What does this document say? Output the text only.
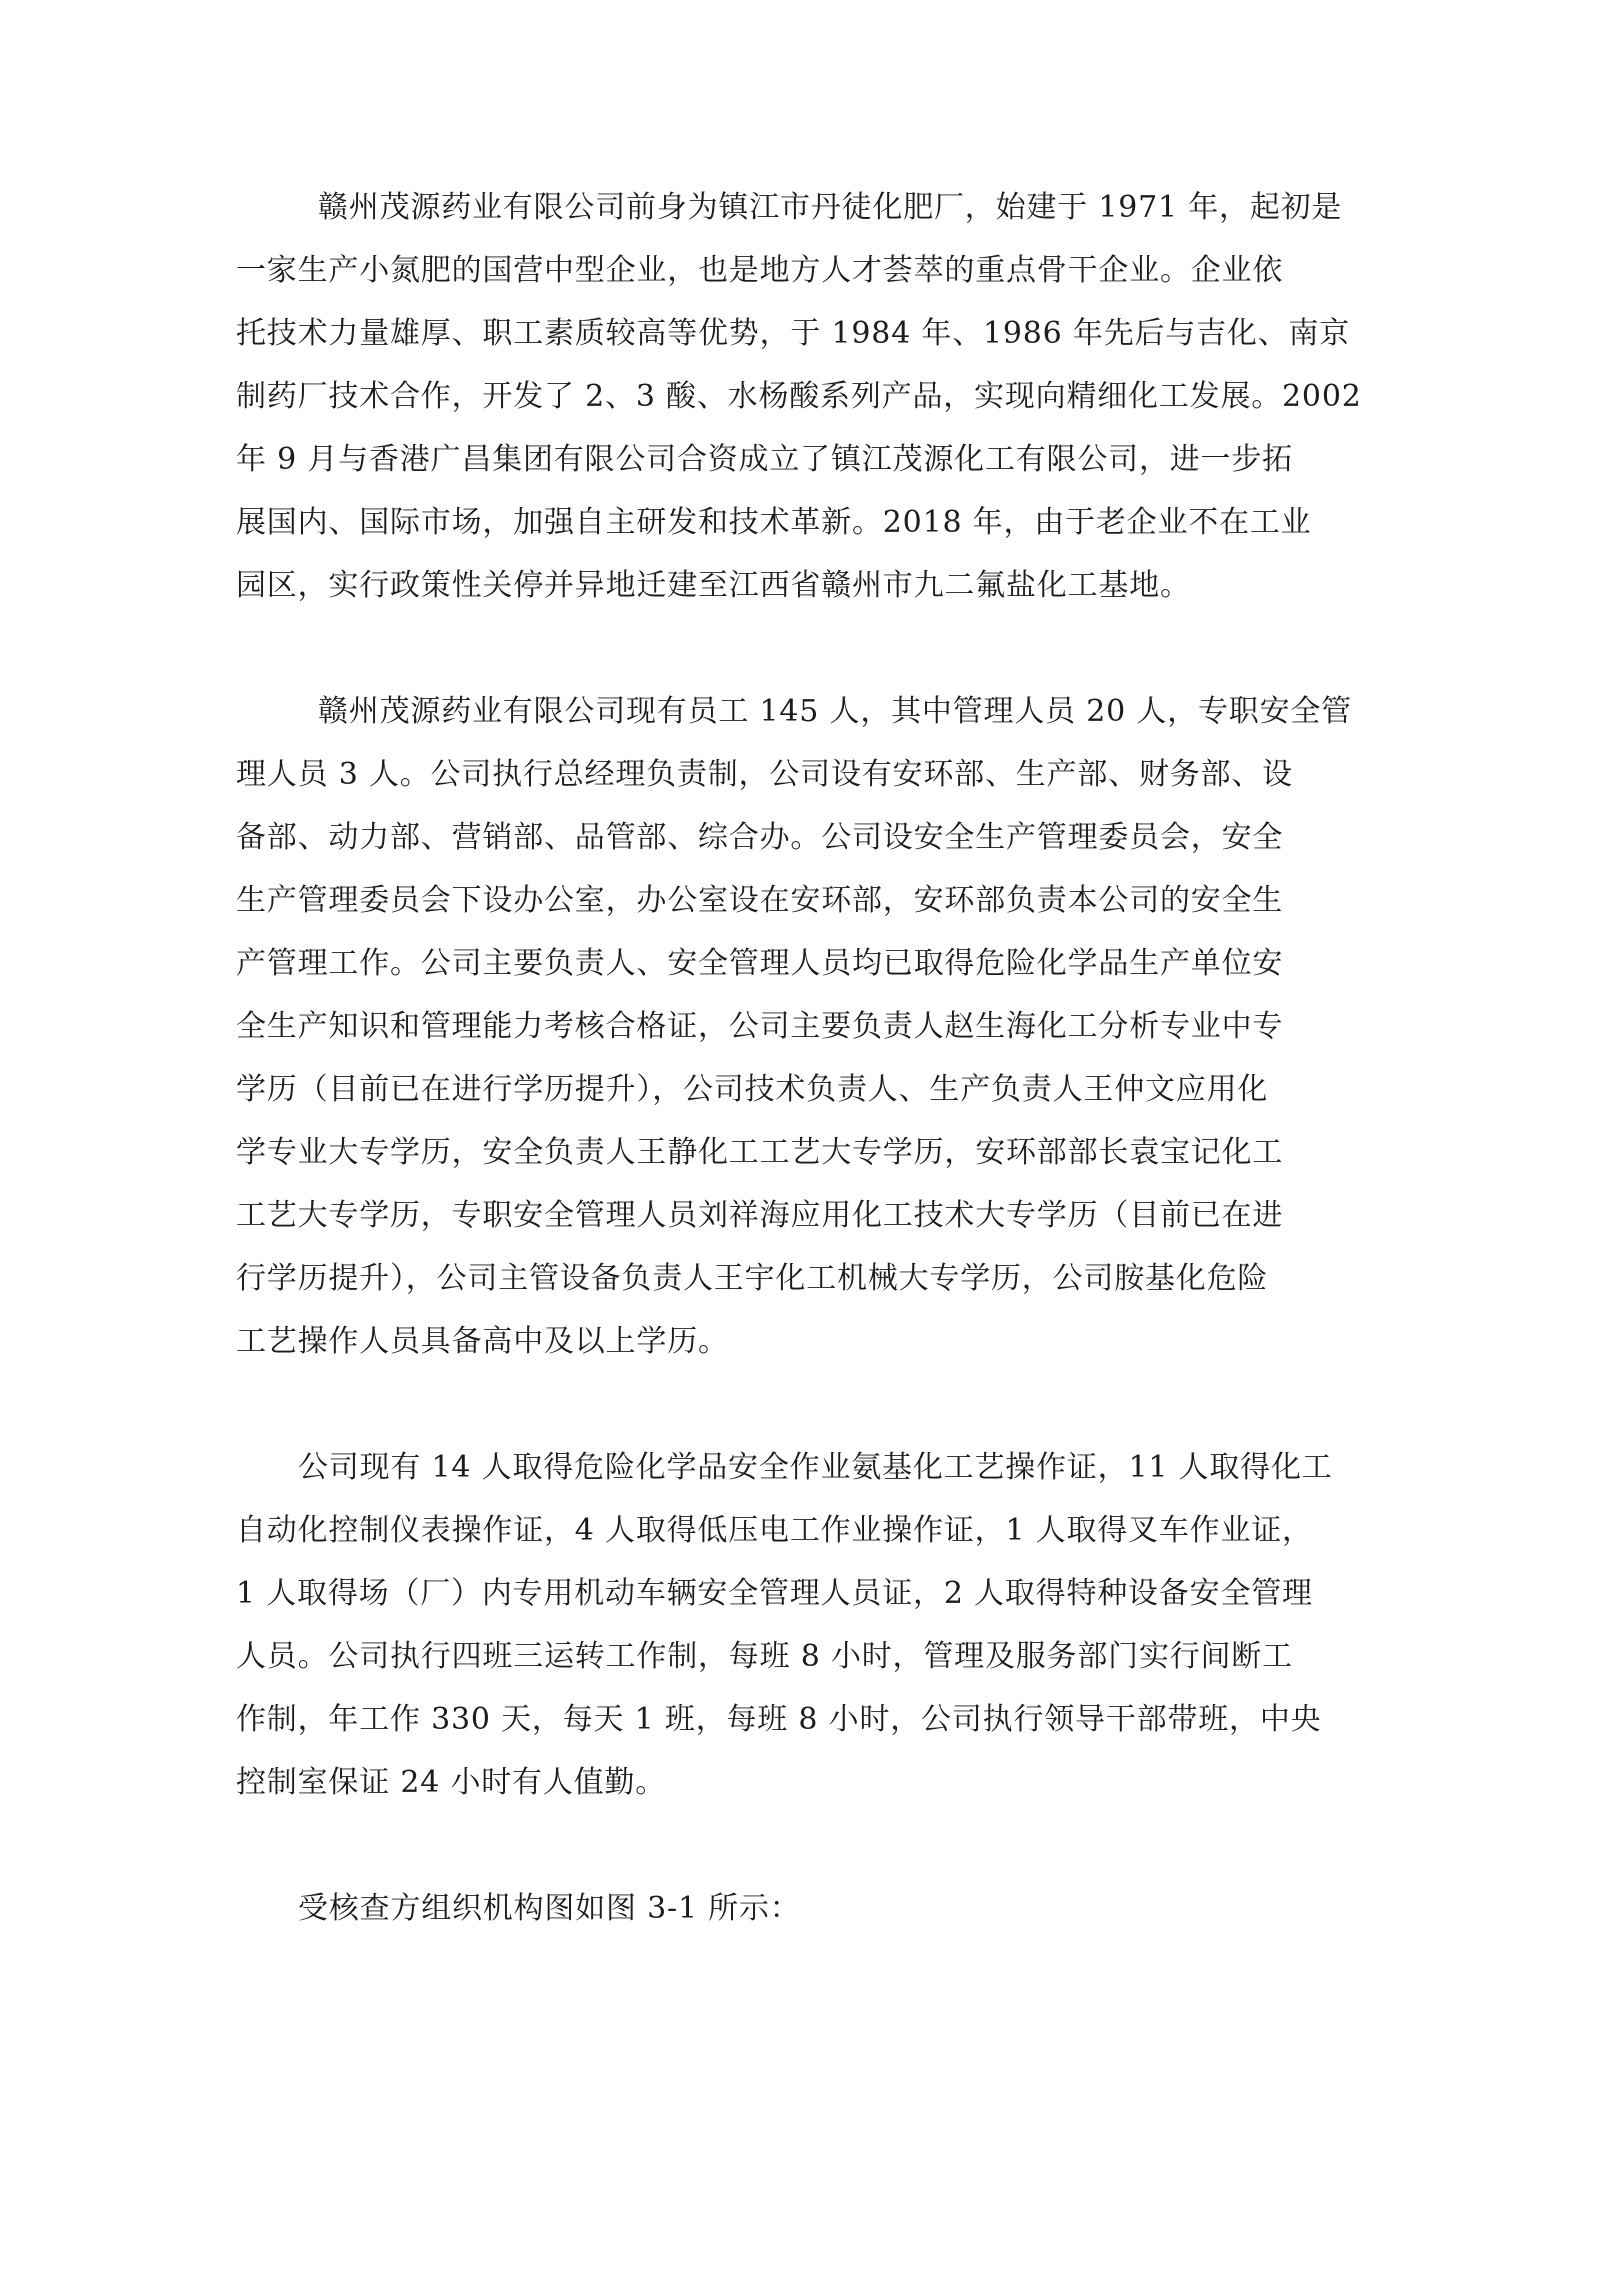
赣州茂源药业有限公司前身为镇江市丹徒化肥厂，始建于 1971 年，起初是
一家生产小氮肥的国营中型企业，也是地方人才荟萃的重点骨干企业。企业依
托技术力量雄厚、职工素质较高等优势，于 1984 年、1986 年先后与吉化、南京
制药厂技术合作，开发了 2、3 酸、水杨酸系列产品，实现向精细化工发展。2002
年 9 月与香港广昌集团有限公司合资成立了镇江茂源化工有限公司，进一步拓
展国内、国际市场，加强自主研发和技术革新。2018 年，由于老企业不在工业
园区，实行政策性关停并异地迁建至江西省赣州市九二氟盐化工基地。
赣州茂源药业有限公司现有员工 145 人，其中管理人员 20 人，专职安全管
理人员 3 人。公司执行总经理负责制，公司设有安环部、生产部、财务部、设
备部、动力部、营销部、品管部、综合办。公司设安全生产管理委员会，安全
生产管理委员会下设办公室，办公室设在安环部，安环部负责本公司的安全生
产管理工作。公司主要负责人、安全管理人员均已取得危险化学品生产单位安
全生产知识和管理能力考核合格证，公司主要负责人赵生海化工分析专业中专
学历（目前已在进行学历提升），公司技术负责人、生产负责人王仲文应用化
学专业大专学历，安全负责人王静化工工艺大专学历，安环部部长袁宝记化工
工艺大专学历，专职安全管理人员刘祥海应用化工技术大专学历（目前已在进
行学历提升），公司主管设备负责人王宇化工机械大专学历，公司胺基化危险
工艺操作人员具备高中及以上学历。
公司现有 14 人取得危险化学品安全作业氨基化工艺操作证，11 人取得化工
自动化控制仪表操作证，4 人取得低压电工作业操作证，1 人取得叉车作业证，
1 人取得场（厂）内专用机动车辆安全管理人员证，2 人取得特种设备安全管理
人员。公司执行四班三运转工作制，每班 8 小时，管理及服务部门实行间断工
作制，年工作 330 天，每天 1 班，每班 8 小时，公司执行领导干部带班，中央
控制室保证 24 小时有人值勤。
受核查方组织机构图如图 3-1 所示：
